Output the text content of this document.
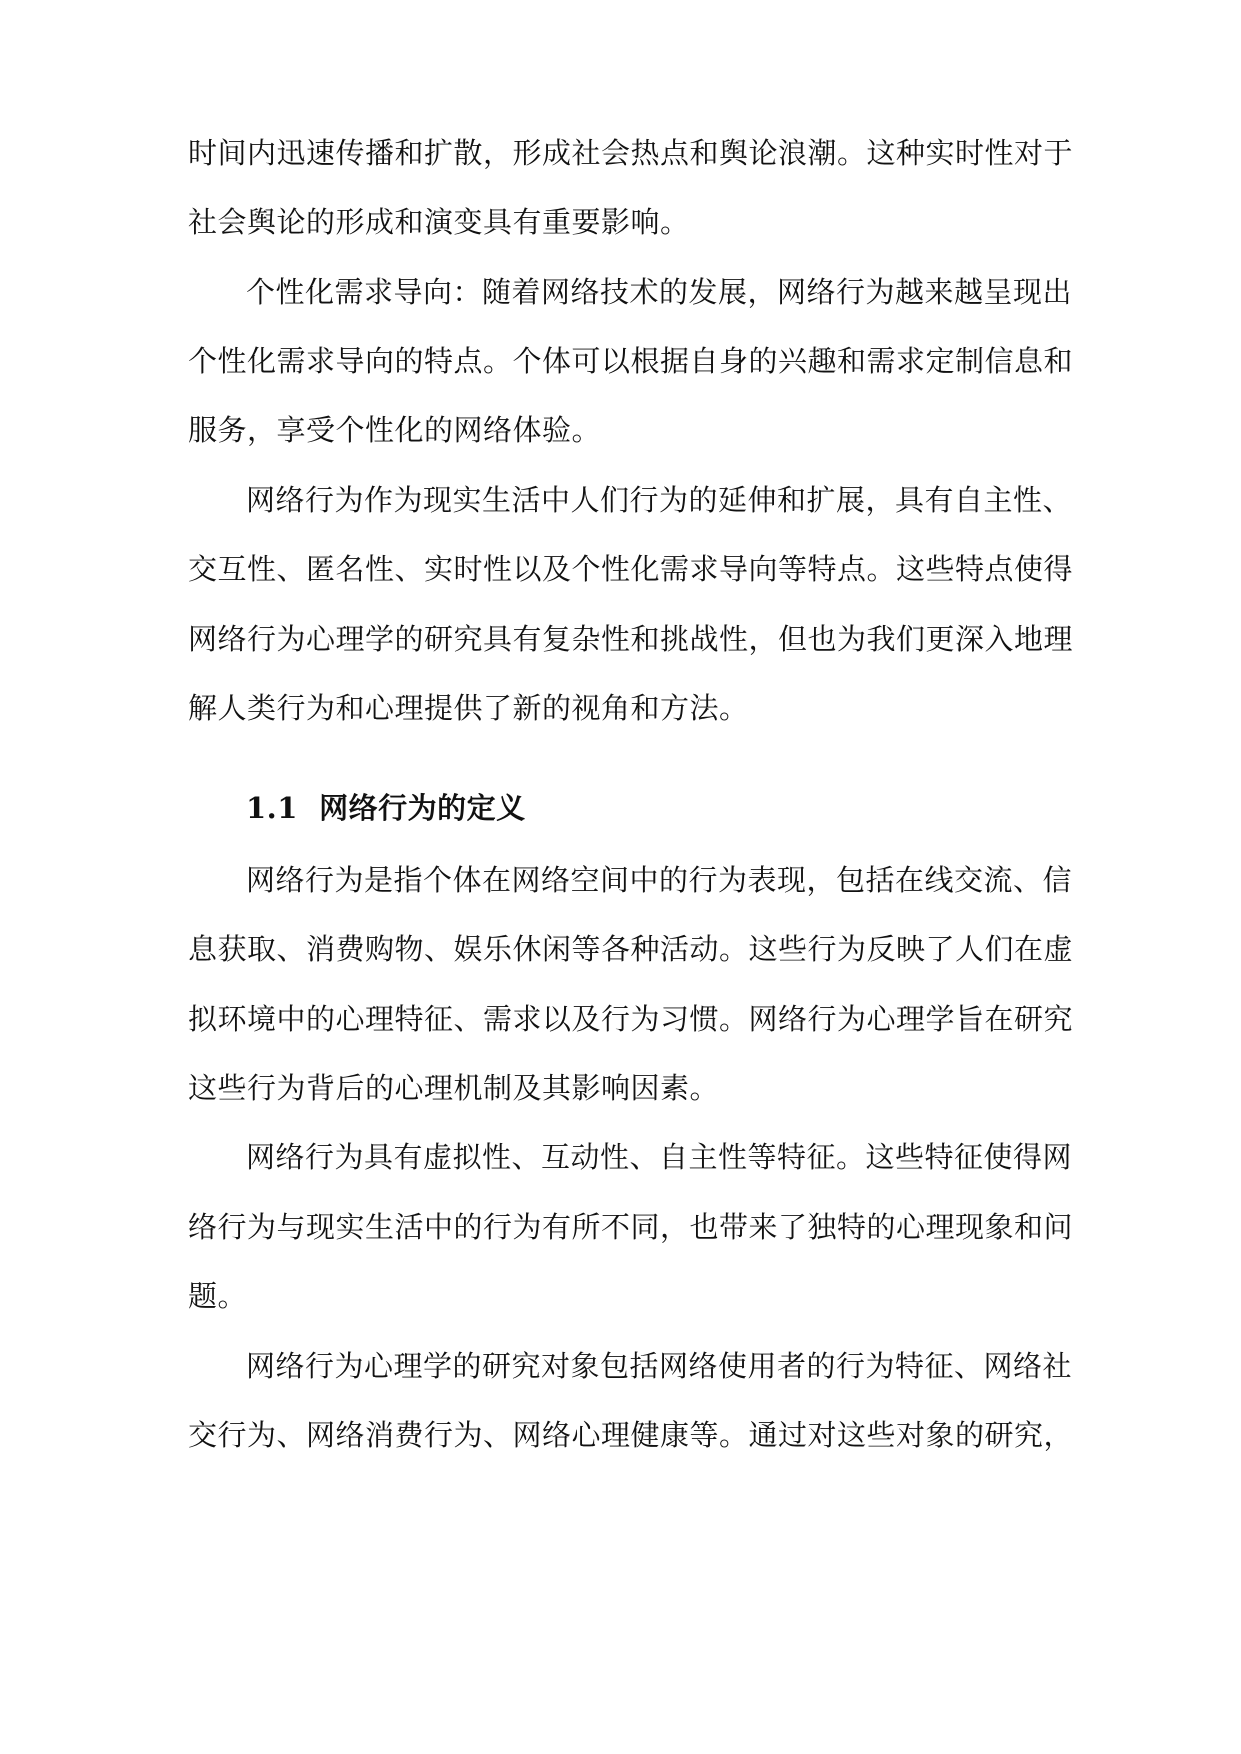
时间内迅速传播和扩散，形成社会热点和舆论浪潮。这种实时性对于
社会舆论的形成和演变具有重要影响。
个性化需求导向：随着网络技术的发展，网络行为越来越呈现出
个性化需求导向的特点。个体可以根据自身的兴趣和需求定制信息和
服务，享受个性化的网络体验。
网络行为作为现实生活中人们行为的延伸和扩展，具有自主性、
交互性、匿名性、实时性以及个性化需求导向等特点。这些特点使得
网络行为心理学的研究具有复杂性和挑战性，但也为我们更深入地理
解人类行为和心理提供了新的视角和方法。
1.1 网络行为的定义
网络行为是指个体在网络空间中的行为表现，包括在线交流、信
息获取、消费购物、娱乐休闲等各种活动。这些行为反映了人们在虚
拟环境中的心理特征、需求以及行为习惯。网络行为心理学旨在研究
这些行为背后的心理机制及其影响因素。
网络行为具有虚拟性、互动性、自主性等特征。这些特征使得网
络行为与现实生活中的行为有所不同，也带来了独特的心理现象和问
题。
网络行为心理学的研究对象包括网络使用者的行为特征、网络社
交行为、网络消费行为、网络心理健康等。通过对这些对象的研究，
